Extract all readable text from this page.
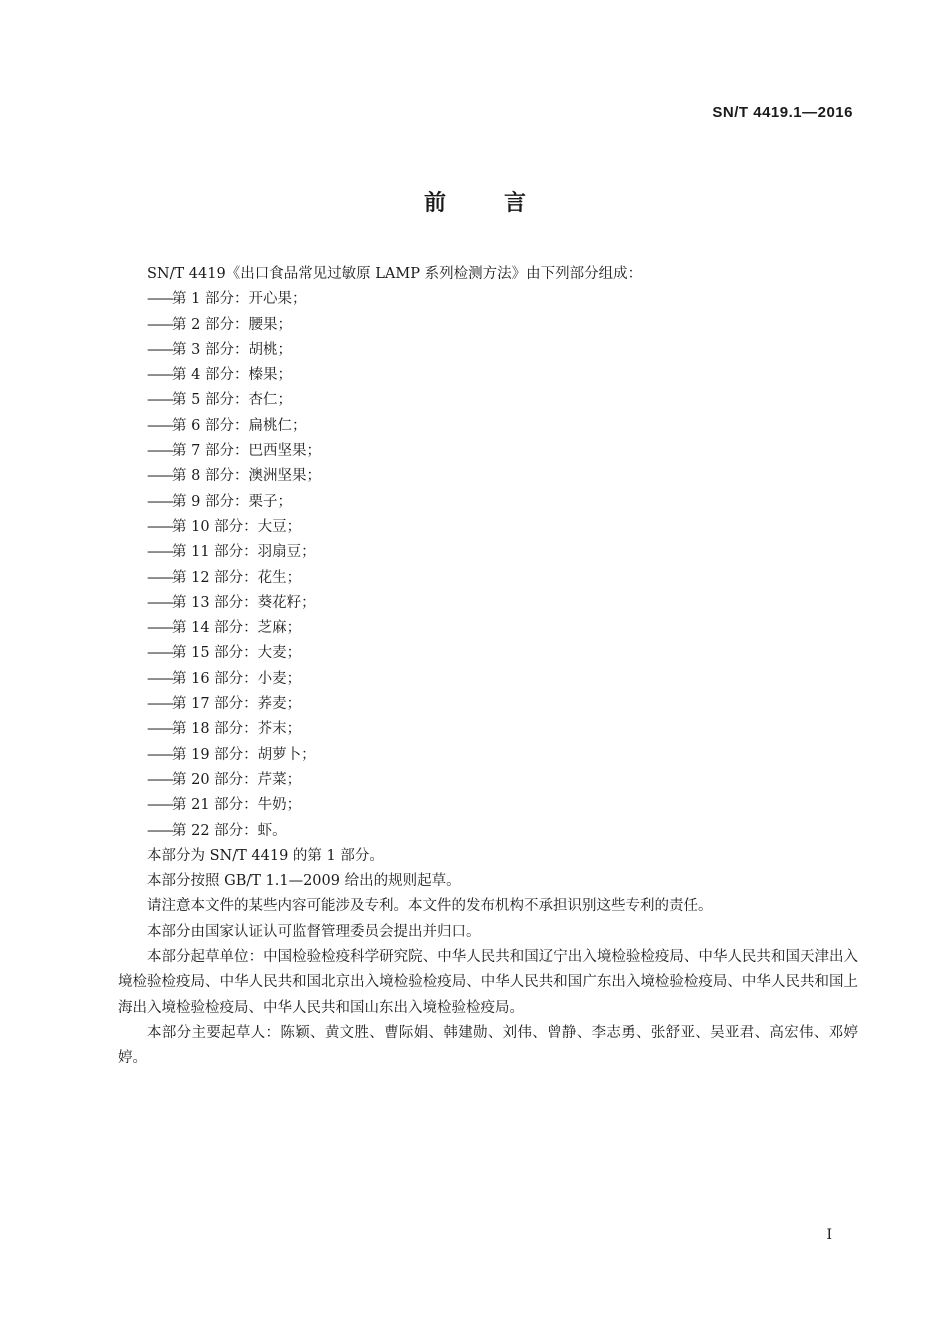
SN/T 4419.1—2016
前言

SN/T 4419《出口食品常见过敏原 LAMP 系列检测方法》由下列部分组成：

——第 1 部分：开心果；
——第 2 部分：腰果；
——第 3 部分：胡桃；
——第 4 部分：榛果；
——第 5 部分：杏仁；
——第 6 部分：扁桃仁；
——第 7 部分：巴西坚果；
——第 8 部分：澳洲坚果；
——第 9 部分：栗子；
——第 10 部分：大豆；
——第 11 部分：羽扇豆；
——第 12 部分：花生；
——第 13 部分：葵花籽；
——第 14 部分：芝麻；
——第 15 部分：大麦；
——第 16 部分：小麦；
——第 17 部分：荞麦；
——第 18 部分：芥末；
——第 19 部分：胡萝卜；
——第 20 部分：芹菜；
——第 21 部分：牛奶；
——第 22 部分：虾。

本部分为 SN/T 4419 的第 1 部分。

本部分按照 GB/T 1.1—2009 给出的规则起草。

请注意本文件的某些内容可能涉及专利。本文件的发布机构不承担识别这些专利的责任。

本部分由国家认证认可监督管理委员会提出并归口。

本部分起草单位：中国检验检疫科学研究院、中华人民共和国辽宁出入境检验检疫局、中华人民共和国天津出入境检验检疫局、中华人民共和国北京出入境检验检疫局、中华人民共和国广东出入境检验检疫局、中华人民共和国上海出入境检验检疫局、中华人民共和国山东出入境检验检疫局。

本部分主要起草人：陈颖、黄文胜、曹际娟、韩建勋、刘伟、曾静、李志勇、张舒亚、吴亚君、高宏伟、邓婷婷。

I
